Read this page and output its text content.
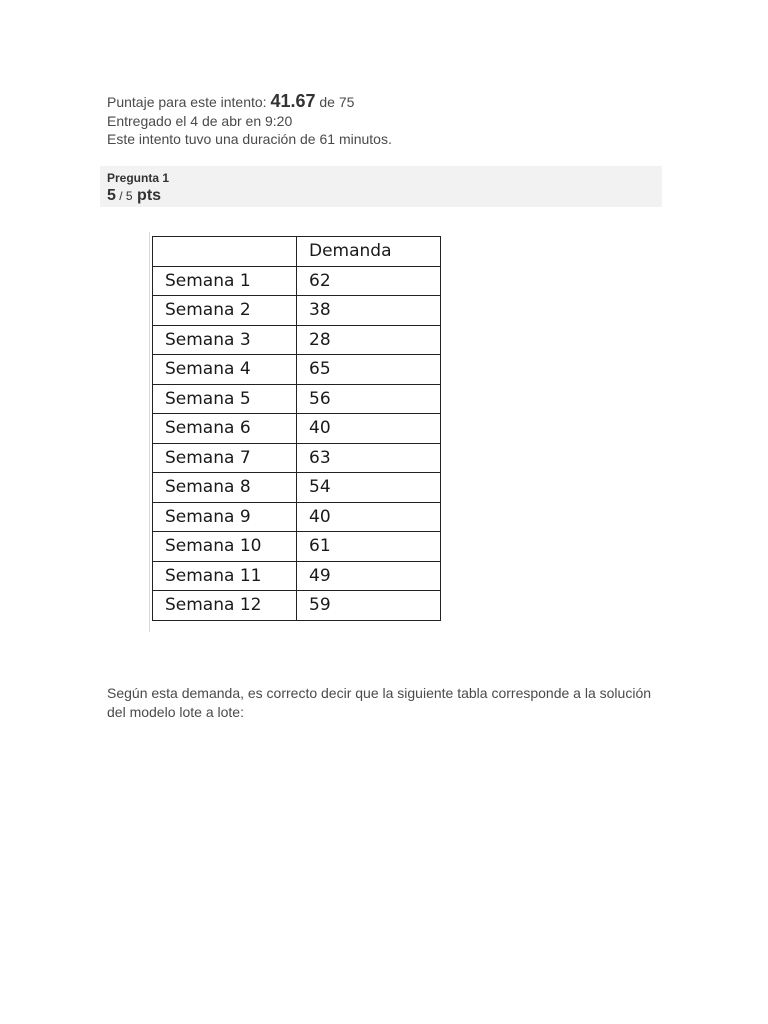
Puntaje para este intento: 41.67 de 75
Entregado el 4 de abr en 9:20
Este intento tuvo una duración de 61 minutos.
Pregunta 1
5 / 5 pts
	Demanda
Semana 1	62
Semana 2	38
Semana 3	28
Semana 4	65
Semana 5	56
Semana 6	40
Semana 7	63
Semana 8	54
Semana 9	40
Semana 10	61
Semana 11	49
Semana 12	59
Según esta demanda, es correcto decir que la siguiente tabla corresponde a la solución del modelo lote a lote:
